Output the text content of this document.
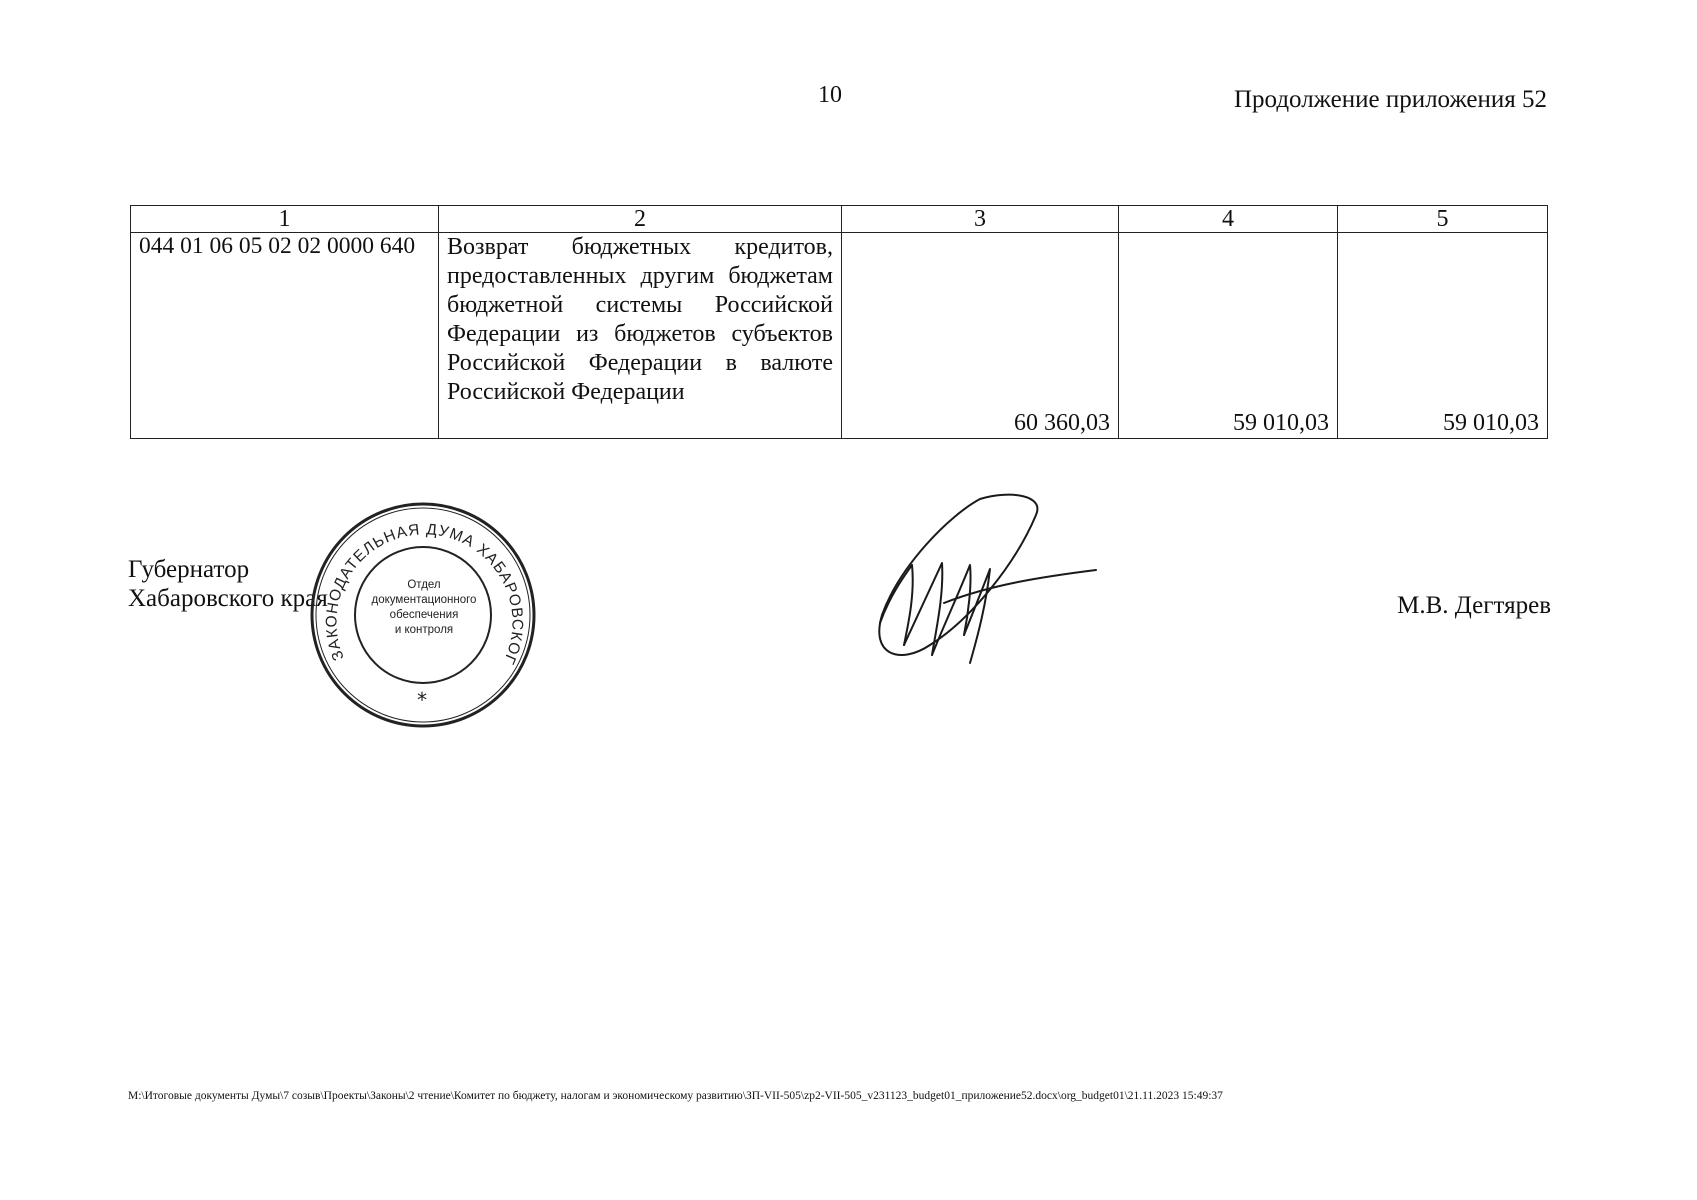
10	Продолжение приложения 52
1	2	3	4	5
044 01 06 05 02 02 0000 640	Возврат бюджетных кредитов, предоставленных другим бюджетам бюджетной системы Российской Федерации из бюджетов субъектов Российской Федерации в валюте Российской Федерации	60 360,03	59 010,03	59 010,03
Губернатор
Хабаровского края
ЗАКОНОДАТЕЛЬНАЯ ДУМА ХАБАРОВСКОГ
Отдел
документационного
обеспечения
и контроля
*
М.В. Дегтярев
M:\Итоговые документы Думы\7 созыв\Проекты\Законы\2 чтение\Комитет по бюджету, налогам и экономическому развитию\ЗП-VII-505\zp2-VII-505_v231123_budget01_приложение52.docx\org_budget01\21.11.2023 15:49:37
